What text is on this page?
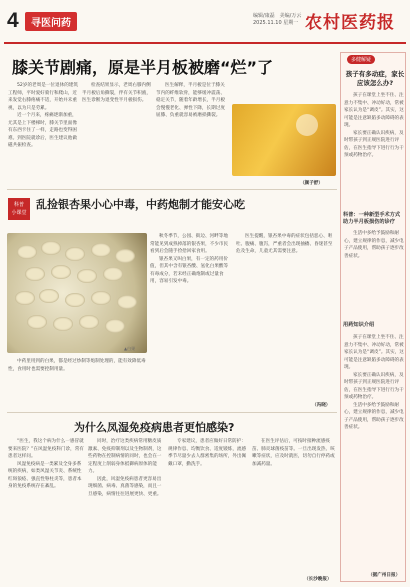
4	寻医问药
编辑/康磊　美编/万云
2025.11.10 星期一 农村医药报
膝关节剧痛，原是半月板被磨“烂”了

52岁的老周是一位退休的建筑工程师，平时爱好骑行和爬山，近来发觉右膝疼痛不适，开始并未重视，以为只是劳累。

近一个月来，疼痛逐渐加重，尤其是上下楼梯时，膝关节里面像有东西卡住了一样，走路也变得困难。到医院就诊后，医生建议他做磁共振检查。

检查结果显示，老周右膝内侧半月板后角撕裂，伴有关节积液，医生诊断为退变性半月板损伤。

医生解释，半月板是位于膝关节内的纤维软骨，能够缓冲震荡、稳定关节，随着年龄增长，半月板会慢慢老化、弹性下降，长期过度屈膝、负重就容易被磨损撕裂。

（颜子舒）
科普
小课堂
乱捡银杏果小心中毒，中药炮制才能安心吃
▲白果

秋冬季节，公园、街边、河畔等地常能见到成熟掉落的银杏果，不少市民看到后会随手捡拾回家食用。

银杏果又叫白果，有一定的药用价值，但其中含有银杏酸、氢化白果酸等有毒成分，若未经正确炮制或过量食用，容易引发中毒。

中药里用到的白果，都是经过炒制等炮制处理的，能有效降低毒性，食用时也需要控制用量。

医生提醒，银杏果中毒的症状包括恶心、呕吐、腹痛、腹泻，严重者会出现抽搐、昏迷甚至危及生命，儿童尤其需要注意。

（冯晓）
为什么凤湿免疫病患者更怕感染?

“医生，我这个病为什么一感冒就要来医院？”在风湿免疫科门诊，常有患者这样问。

风湿免疫病是一类累及全身多系统的疾病，如类风湿关节炎、系统性红斑狼疮、强直性脊柱炎等，患者本身的免疫系统存在紊乱。

同时，治疗这类疾病常用糖皮质激素、免疫抑制剂以及生物制剂，这些药物在控制病情的同时，也会在一定程度上削弱身体抵御病原体的能力。

因此，风湿免疫病患者更容易出现细菌、病毒、真菌等感染，而且一旦感染，病情往往进展更快、更重。

专家建议，患者应做好日常防护：规律作息、均衡饮食、适度锻炼，流感季节尽量少去人群密集的场所，外出佩戴口罩，勤洗手。

在医生评估后，可按时接种流感疫苗、肺炎球菌疫苗等。一旦出现发热、咳嗽等症状，应及时就医，切勿自行停药或加减药量。

（长沙晚报）
多健解疑
孩子有多动症，家长应该怎么办?

孩子在课堂上坐不住、注意力不集中、冲动好动，常被家长认为是“调皮”。其实，这可能是注意缺陷多动障碍的表现。

家长要正确认识疾病，及时带孩子到正规医院进行评估，在医生指导下进行行为干预或药物治疗。

科普：一种新型手术方式助力半月板损伤的诊疗

生活中多给予鼓励和耐心，建立规律的作息，减少电子产品使用，帮助孩子逐步改善症状。

用药知识介绍

孩子在课堂上坐不住、注意力不集中、冲动好动，常被家长认为是“调皮”。其实，这可能是注意缺陷多动障碍的表现。

家长要正确认识疾病，及时带孩子到正规医院进行评估，在医生指导下进行行为干预或药物治疗。

生活中多给予鼓励和耐心，建立规律的作息，减少电子产品使用，帮助孩子逐步改善症状。

（据广州日报）
